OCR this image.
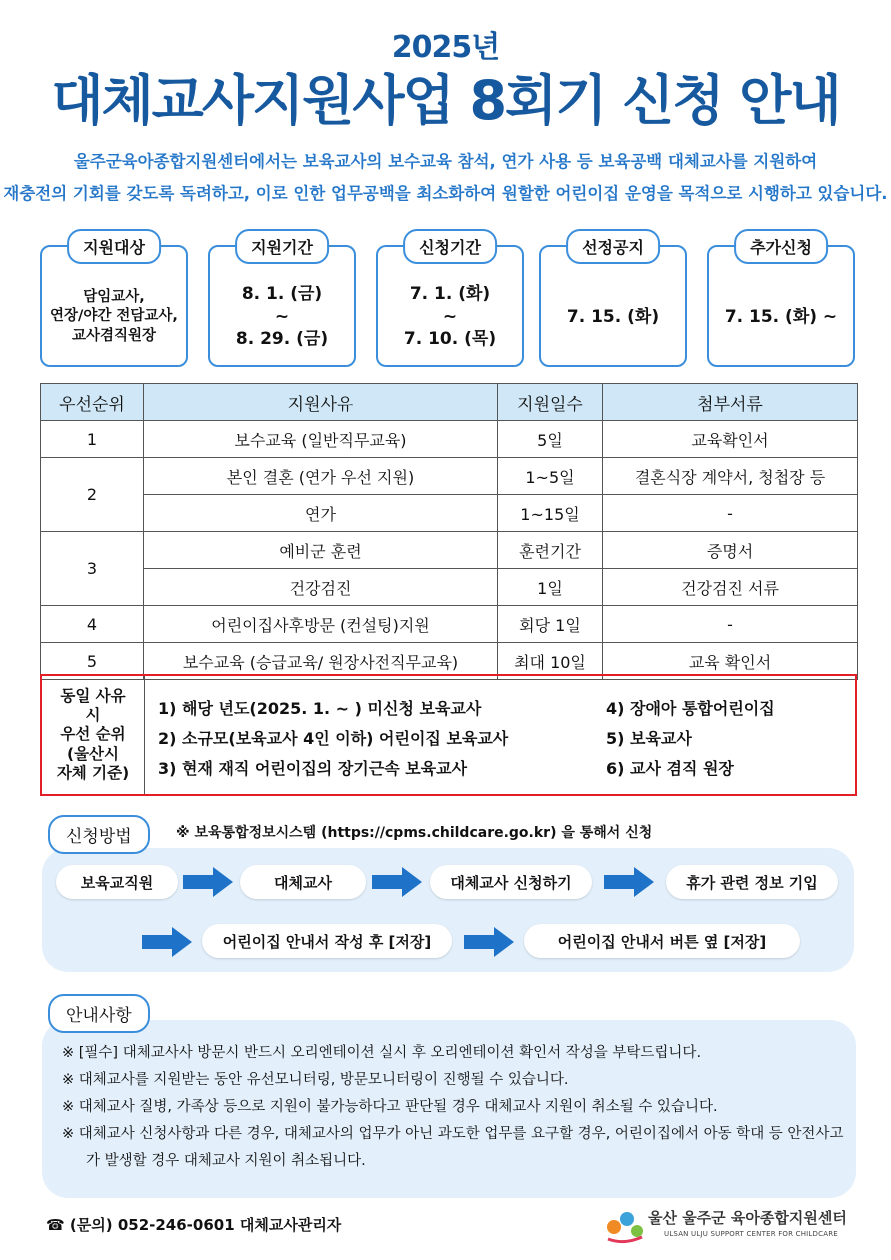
2025년
대체교사지원사업 8회기 신청 안내
울주군육아종합지원센터에서는 보육교사의 보수교육 참석, 연가 사용 등 보육공백 대체교사를 지원하여
재충전의 기회를 갖도록 독려하고, 이로 인한 업무공백을 최소화하여 원할한 어린이집 운영을 목적으로 시행하고 있습니다.
지원대상
담임교사,
연장/야간 전담교사,
교사겸직원장
지원기간
8. 1. (금)
~
8. 29. (금)
신청기간
7. 1. (화)
~
7. 10. (목)
선정공지
7. 15. (화)
추가신청
7. 15. (화) ~
우선순위	지원사유	지원일수	첨부서류
1	보수교육 (일반직무교육)	5일	교육확인서
2	본인 결혼 (연가 우선 지원)	1~5일	결혼식장 계약서, 청첩장 등
	연가	1~15일	-
3	예비군 훈련	훈련기간	증명서
	건강검진	1일	건강검진 서류
4	어린이집사후방문 (컨설팅)지원	회당 1일	-
5	보수교육 (승급교육/ 원장사전직무교육)	최대 10일	교육 확인서
동일 사유
시
우선 순위
(울산시
자체 기준)
1) 해당 년도(2025. 1. ~ ) 미신청 보육교사
2) 소규모(보육교사 4인 이하) 어린이집 보육교사
3) 현재 재직 어린이집의 장기근속 보육교사
4) 장애아 통합어린이집
5) 보육교사
6) 교사 겸직 원장
신청방법	※ 보육통합정보시스템 (https://cpms.childcare.go.kr) 을 통해서 신청
보육교직원	대체교사	대체교사 신청하기	휴가 관련 정보 기입
어린이집 안내서 작성 후 [저장]	어린이집 안내서 버튼 옆 [저장]
안내사항
※ [필수] 대체교사사 방문시 반드시 오리엔테이션 실시 후 오리엔테이션 확인서 작성을 부탁드립니다.
※ 대체교사를 지원받는 동안 유선모니터링, 방문모니터링이 진행될 수 있습니다.
※ 대체교사 질병, 가족상 등으로 지원이 불가능하다고 판단될 경우 대체교사 지원이 취소될 수 있습니다.
※ 대체교사 신청사항과 다른 경우, 대체교사의 업무가 아닌 과도한 업무를 요구할 경우, 어린이집에서 아동 학대 등 안전사고가 발생할 경우 대체교사 지원이 취소됩니다.
☎ (문의) 052-246-0601 대체교사관리자	울산 울주군 육아종합지원센터
ULSAN ULJU SUPPORT CENTER FOR CHILDCARE
